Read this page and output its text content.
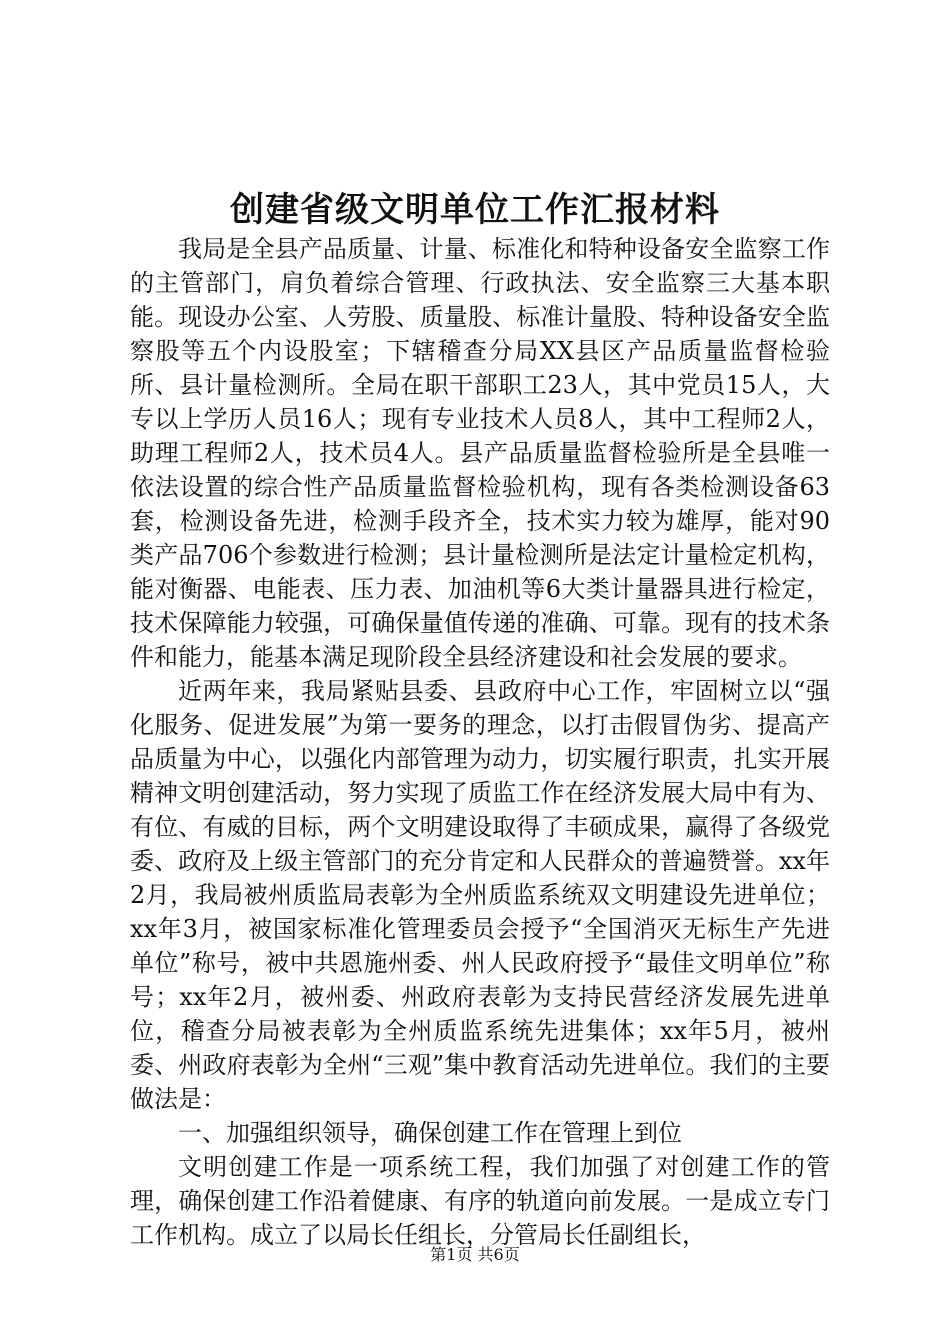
创建省级文明单位工作汇报材料

我局是全县产品质量、计量、标准化和特种设备安全监察工作的主管部门，肩负着综合管理、行政执法、安全监察三大基本职能。现设办公室、人劳股、质量股、标准计量股、特种设备安全监察股等五个内设股室；下辖稽查分局XX县区产品质量监督检验所、县计量检测所。全局在职干部职工23人，其中党员15人，大专以上学历人员16人；现有专业技术人员8人，其中工程师2人，助理工程师2人，技术员4人。县产品质量监督检验所是全县唯一依法设置的综合性产品质量监督检验机构，现有各类检测设备63套，检测设备先进，检测手段齐全，技术实力较为雄厚，能对90类产品706个参数进行检测；县计量检测所是法定计量检定机构，能对衡器、电能表、压力表、加油机等6大类计量器具进行检定，技术保障能力较强，可确保量值传递的准确、可靠。现有的技术条件和能力，能基本满足现阶段全县经济建设和社会发展的要求。

近两年来，我局紧贴县委、县政府中心工作，牢固树立以“强化服务、促进发展”为第一要务的理念，以打击假冒伪劣、提高产品质量为中心，以强化内部管理为动力，切实履行职责，扎实开展精神文明创建活动，努力实现了质监工作在经济发展大局中有为、有位、有威的目标，两个文明建设取得了丰硕成果，赢得了各级党委、政府及上级主管部门的充分肯定和人民群众的普遍赞誉。xx年2月，我局被州质监局表彰为全州质监系统双文明建设先进单位；xx年3月，被国家标准化管理委员会授予“全国消灭无标生产先进单位”称号，被中共恩施州委、州人民政府授予“最佳文明单位”称号；xx年2月，被州委、州政府表彰为支持民营经济发展先进单位，稽查分局被表彰为全州质监系统先进集体；xx年5月，被州委、州政府表彰为全州“三观”集中教育活动先进单位。我们的主要做法是：

一、加强组织领导，确保创建工作在管理上到位

文明创建工作是一项系统工程，我们加强了对创建工作的管理，确保创建工作沿着健康、有序的轨道向前发展。一是成立专门工作机构。成立了以局长任组长，分管局长任副组长，

第1页 共6页
